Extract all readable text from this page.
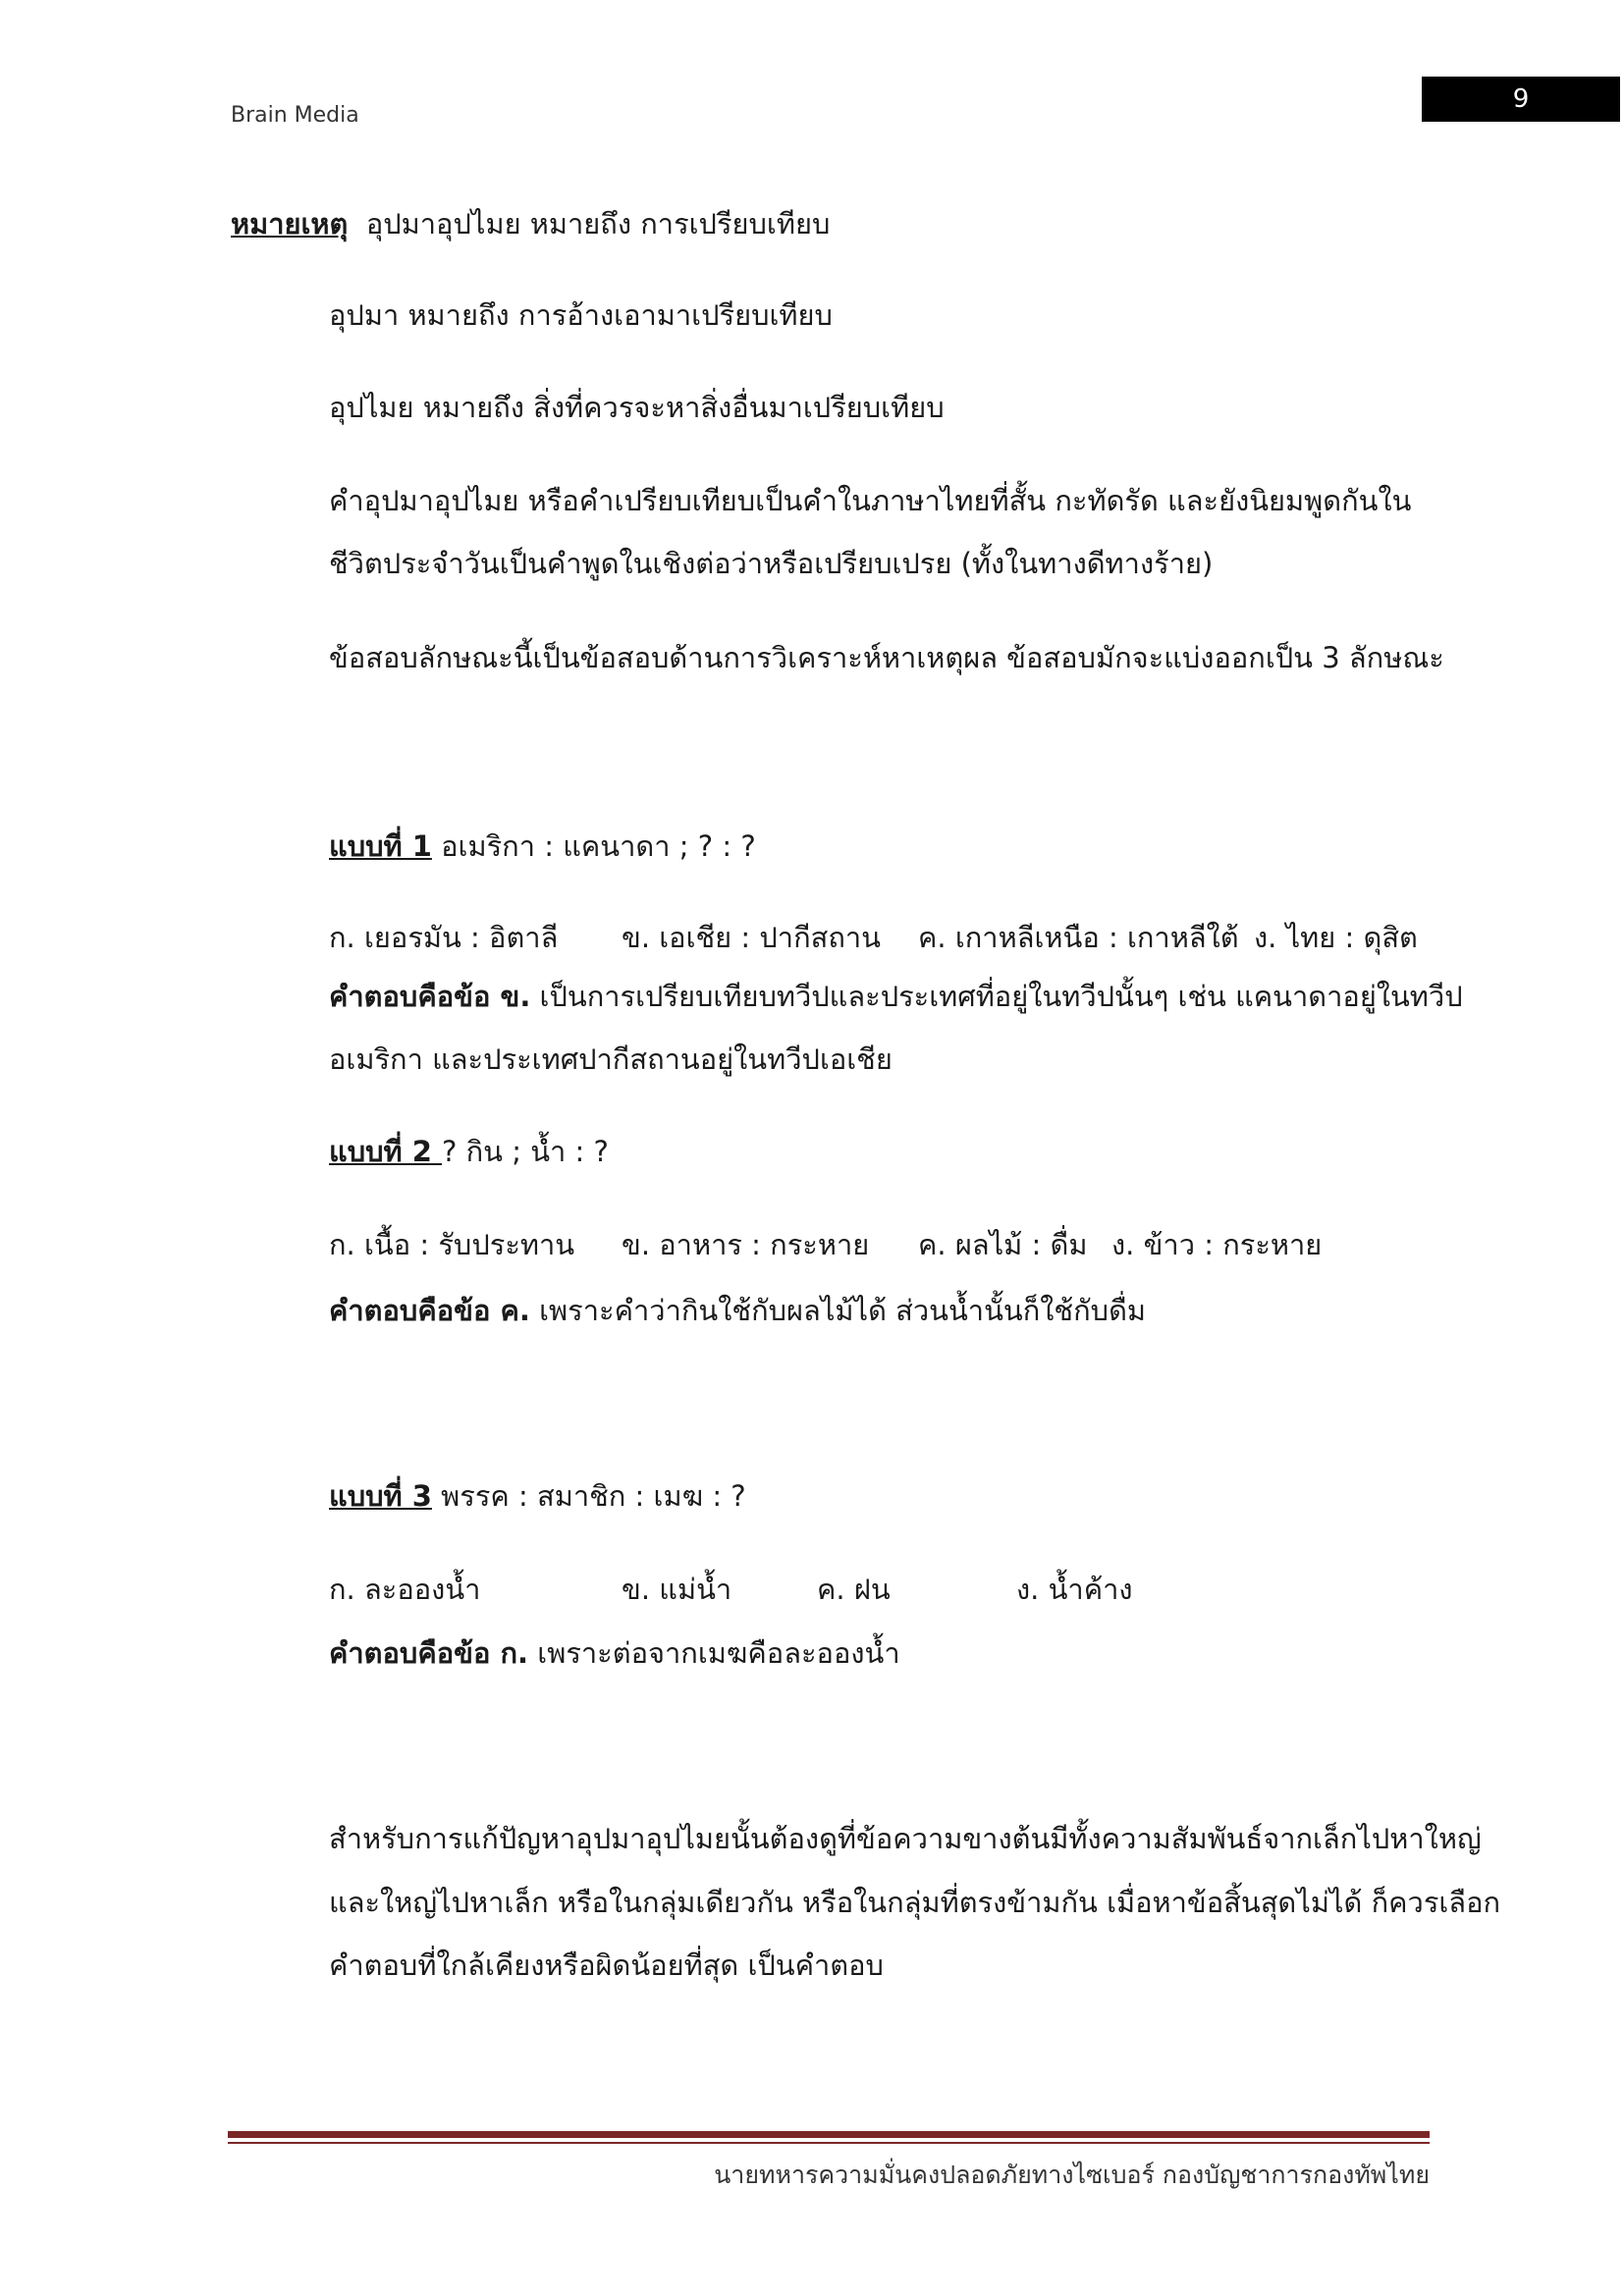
Brain Media
9
หมายเหตุ อุปมาอุปไมย หมายถึง การเปรียบเทียบ
อุปมา หมายถึง การอ้างเอามาเปรียบเทียบ
อุปไมย หมายถึง สิ่งที่ควรจะหาสิ่งอื่นมาเปรียบเทียบ
คำอุปมาอุปไมย หรือคำเปรียบเทียบเป็นคำในภาษาไทยที่สั้น กะทัดรัด และยังนิยมพูดกันใน
ชีวิตประจำวันเป็นคำพูดในเชิงต่อว่าหรือเปรียบเปรย (ทั้งในทางดีทางร้าย)
ข้อสอบลักษณะนี้เป็นข้อสอบด้านการวิเคราะห์หาเหตุผล ข้อสอบมักจะแบ่งออกเป็น 3 ลักษณะ
แบบที่ 1 อเมริกา : แคนาดา ; ? : ?
ก. เยอรมัน : อิตาลี ข. เอเชีย : ปากีสถาน ค. เกาหลีเหนือ : เกาหลีใต้ ง. ไทย : ดุสิต
คำตอบคือข้อ ข. เป็นการเปรียบเทียบทวีปและประเทศที่อยู่ในทวีปนั้นๆ เช่น แคนาดาอยู่ในทวีป
อเมริกา และประเทศปากีสถานอยู่ในทวีปเอเชีย
แบบที่ 2 ? กิน ; น้ำ : ?
ก. เนื้อ : รับประทาน ข. อาหาร : กระหาย ค. ผลไม้ : ดื่ม ง. ข้าว : กระหาย
คำตอบคือข้อ ค. เพราะคำว่ากินใช้กับผลไม้ได้ ส่วนน้ำนั้นก็ใช้กับดื่ม
แบบที่ 3 พรรค : สมาชิก : เมฆ : ?
ก. ละอองน้ำ	ข. แม่น้ำ	ค. ฝน	ง. น้ำค้าง
คำตอบคือข้อ ก. เพราะต่อจากเมฆคือละอองน้ำ
สำหรับการแก้ปัญหาอุปมาอุปไมยนั้นต้องดูที่ข้อความขางต้นมีทั้งความสัมพันธ์จากเล็กไปหาใหญ่
และใหญ่ไปหาเล็ก หรือในกลุ่มเดียวกัน หรือในกลุ่มที่ตรงข้ามกัน เมื่อหาข้อสิ้นสุดไม่ได้ ก็ควรเลือก
คำตอบที่ใกล้เคียงหรือผิดน้อยที่สุด เป็นคำตอบ
นายทหารความมั่นคงปลอดภัยทางไซเบอร์ กองบัญชาการกองทัพไทย
